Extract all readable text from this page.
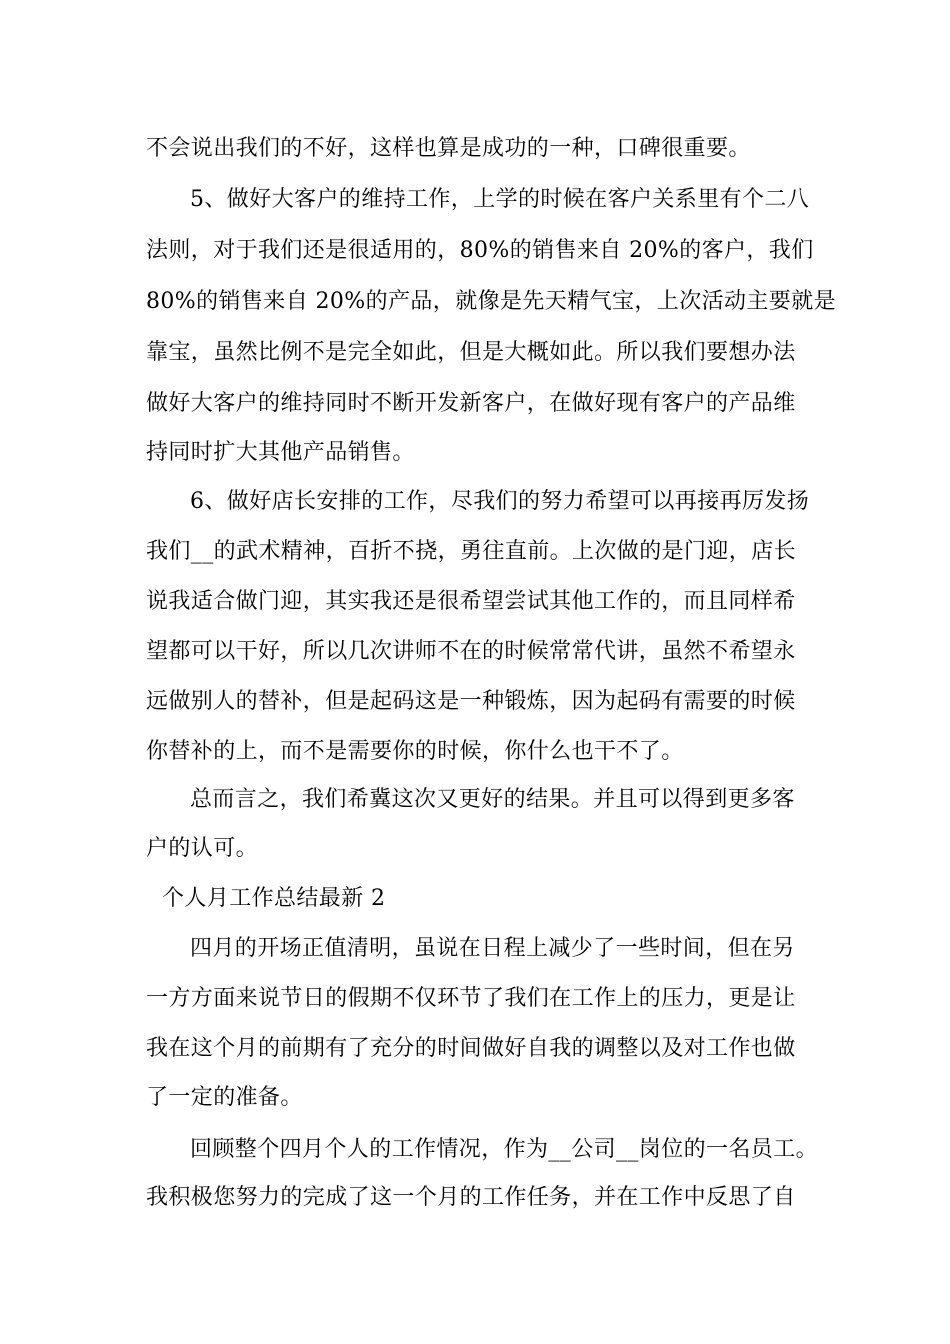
不会说出我们的不好，这样也算是成功的一种，口碑很重要。
5、做好大客户的维持工作，上学的时候在客户关系里有个二八
法则，对于我们还是很适用的，80%的销售来自 20%的客户，我们
80%的销售来自 20%的产品，就像是先天精气宝，上次活动主要就是
靠宝，虽然比例不是完全如此，但是大概如此。所以我们要想办法
做好大客户的维持同时不断开发新客户，在做好现有客户的产品维
持同时扩大其他产品销售。
6、做好店长安排的工作，尽我们的努力希望可以再接再厉发扬
我们__的武术精神，百折不挠，勇往直前。上次做的是门迎，店长
说我适合做门迎，其实我还是很希望尝试其他工作的，而且同样希
望都可以干好，所以几次讲师不在的时候常常代讲，虽然不希望永
远做别人的替补，但是起码这是一种锻炼，因为起码有需要的时候
你替补的上，而不是需要你的时候，你什么也干不了。
总而言之，我们希冀这次又更好的结果。并且可以得到更多客
户的认可。
个人月工作总结最新 2
四月的开场正值清明，虽说在日程上减少了一些时间，但在另
一方方面来说节日的假期不仅环节了我们在工作上的压力，更是让
我在这个月的前期有了充分的时间做好自我的调整以及对工作也做
了一定的准备。
回顾整个四月个人的工作情况，作为__公司__岗位的一名员工。
我积极您努力的完成了这一个月的工作任务，并在工作中反思了自
